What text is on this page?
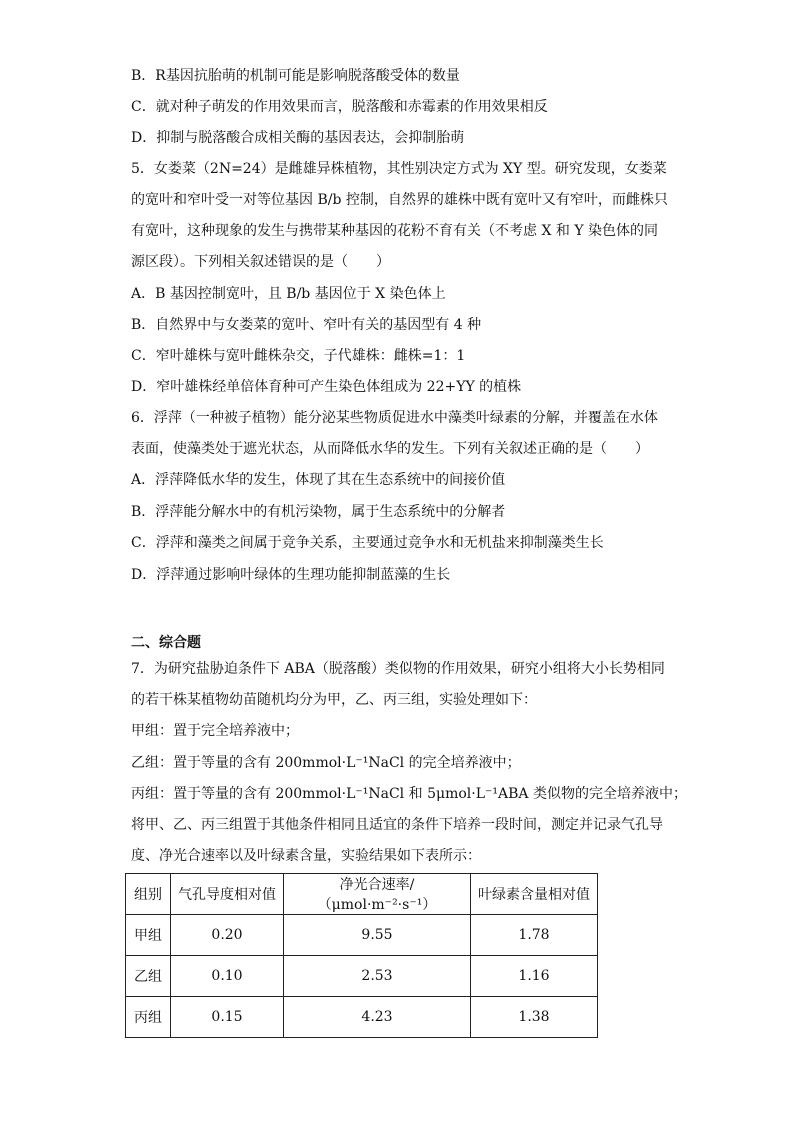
B．R基因抗胎萌的机制可能是影响脱落酸受体的数量
C．就对种子萌发的作用效果而言，脱落酸和赤霉素的作用效果相反
D．抑制与脱落酸合成相关酶的基因表达，会抑制胎萌
5．女娄菜（2N=24）是雌雄异株植物，其性别决定方式为 XY 型。研究发现，女娄菜
的宽叶和窄叶受一对等位基因 B/b 控制，自然界的雄株中既有宽叶又有窄叶，而雌株只
有宽叶，这种现象的发生与携带某种基因的花粉不育有关（不考虑 X 和 Y 染色体的同
源区段）。下列相关叙述错误的是（　　）
A．B 基因控制宽叶，且 B/b 基因位于 X 染色体上
B．自然界中与女娄菜的宽叶、窄叶有关的基因型有 4 种
C．窄叶雄株与宽叶雌株杂交，子代雄株：雌株=1：1
D．窄叶雄株经单倍体育种可产生染色体组成为 22+YY 的植株
6．浮萍（一种被子植物）能分泌某些物质促进水中藻类叶绿素的分解，并覆盖在水体
表面，使藻类处于遮光状态，从而降低水华的发生。下列有关叙述正确的是（　　）
A．浮萍降低水华的发生，体现了其在生态系统中的间接价值
B．浮萍能分解水中的有机污染物，属于生态系统中的分解者
C．浮萍和藻类之间属于竞争关系，主要通过竞争水和无机盐来抑制藻类生长
D．浮萍通过影响叶绿体的生理功能抑制蓝藻的生长
二、综合题
7．为研究盐胁迫条件下 ABA（脱落酸）类似物的作用效果，研究小组将大小长势相同
的若干株某植物幼苗随机均分为甲，乙、丙三组，实验处理如下：
甲组：置于完全培养液中；
乙组：置于等量的含有 200mmol·L⁻¹NaCl 的完全培养液中；
丙组：置于等量的含有 200mmol·L⁻¹NaCl 和 5μmol·L⁻¹ABA 类似物的完全培养液中；
将甲、乙、丙三组置于其他条件相同且适宜的条件下培养一段时间，测定并记录气孔导
度、净光合速率以及叶绿素含量，实验结果如下表所示：
组别	气孔导度相对值	净光合速率/（μmol·m⁻²·s⁻¹）	叶绿素含量相对值
甲组	0.20	9.55	1.78
乙组	0.10	2.53	1.16
丙组	0.15	4.23	1.38
